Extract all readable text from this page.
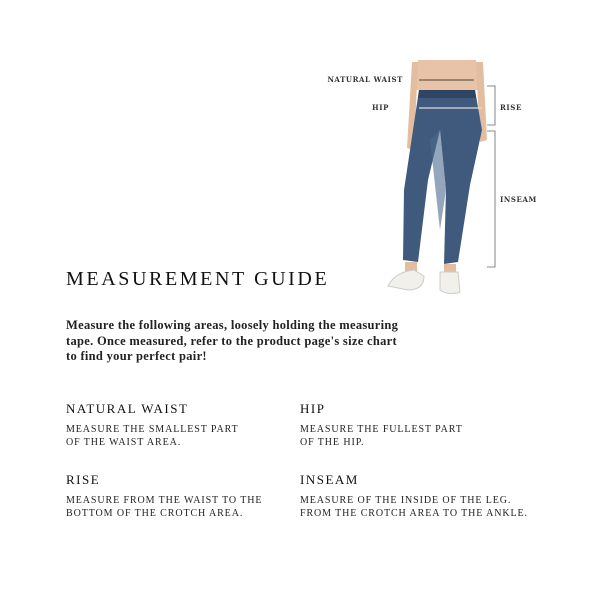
NATURAL WAIST
HIP	RISE
INSEAM
MEASUREMENT GUIDE
Measure the following areas, loosely holding the measuring tape. Once measured, refer to the product page's size chart to find your perfect pair!
NATURAL WAIST

MEASURE THE SMALLEST PART
OF THE WAIST AREA.

HIP

MEASURE THE FULLEST PART
OF THE HIP.

RISE

MEASURE FROM THE WAIST TO THE
BOTTOM OF THE CROTCH AREA.

INSEAM

MEASURE OF THE INSIDE OF THE LEG.
FROM THE CROTCH AREA TO THE ANKLE.
